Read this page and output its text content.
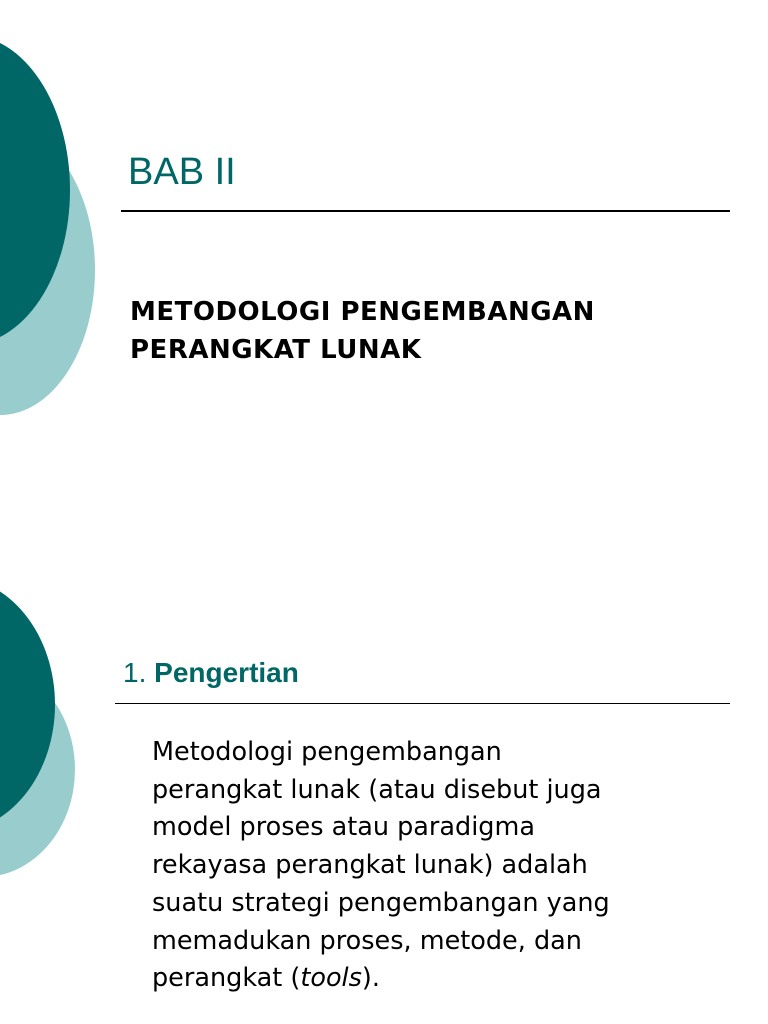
BAB II
METODOLOGI PENGEMBANGAN
PERANGKAT LUNAK
1. Pengertian

Metodologi pengembangan
perangkat lunak (atau disebut juga
model proses atau paradigma
rekayasa perangkat lunak) adalah
suatu strategi pengembangan yang
memadukan proses, metode, dan
perangkat (tools).
